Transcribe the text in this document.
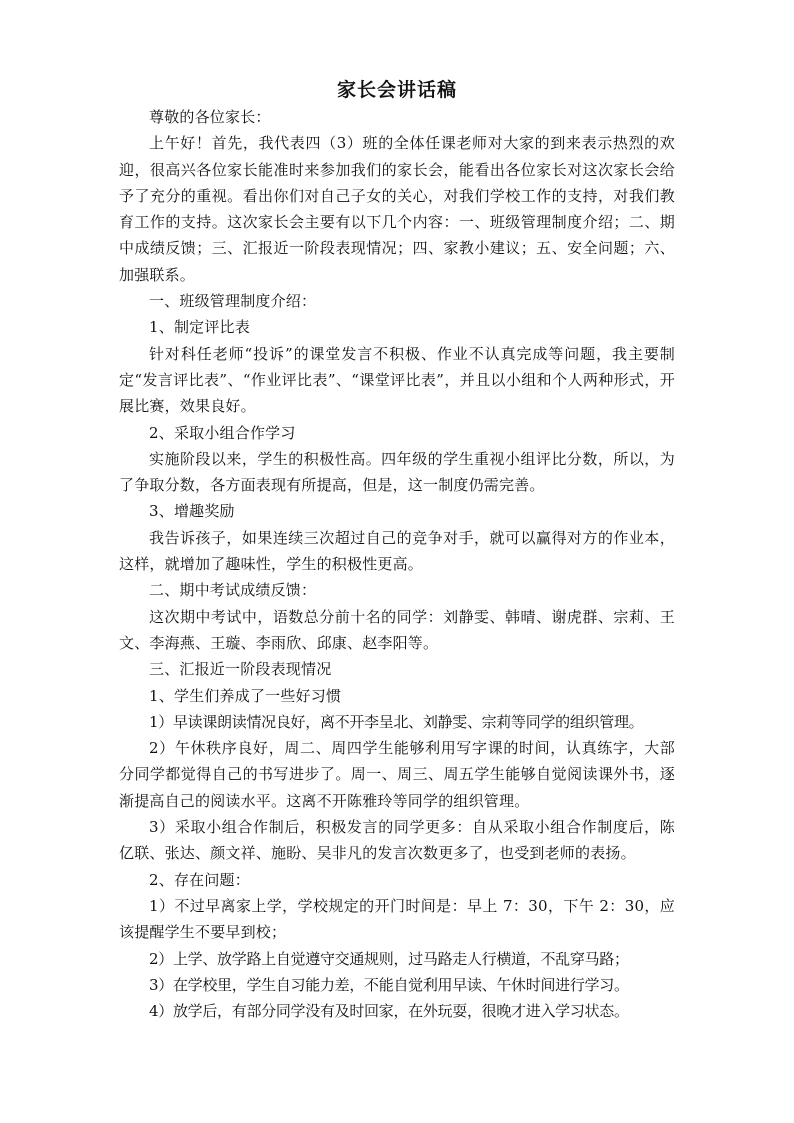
家长会讲话稿

尊敬的各位家长：

上午好！首先，我代表四（3）班的全体任课老师对大家的到来表示热烈的欢迎，很高兴各位家长能准时来参加我们的家长会，能看出各位家长对这次家长会给予了充分的重视。看出你们对自己子女的关心，对我们学校工作的支持，对我们教育工作的支持。这次家长会主要有以下几个内容：一、班级管理制度介绍；二、期中成绩反馈；三、汇报近一阶段表现情况；四、家教小建议；五、安全问题；六、加强联系。

一、班级管理制度介绍：

1、制定评比表

针对科任老师“投诉”的课堂发言不积极、作业不认真完成等问题，我主要制定“发言评比表”、“作业评比表”、“课堂评比表”，并且以小组和个人两种形式，开展比赛，效果良好。

2、采取小组合作学习

实施阶段以来，学生的积极性高。四年级的学生重视小组评比分数，所以，为了争取分数，各方面表现有所提高，但是，这一制度仍需完善。

3、增趣奖励

我告诉孩子，如果连续三次超过自己的竞争对手，就可以赢得对方的作业本，这样，就增加了趣味性，学生的积极性更高。

二、期中考试成绩反馈：

这次期中考试中，语数总分前十名的同学：刘静雯、韩晴、谢虎群、宗莉、王文、李海燕、王璇、李雨欣、邱康、赵李阳等。

三、汇报近一阶段表现情况

1、学生们养成了一些好习惯

1）早读课朗读情况良好，离不开李呈北、刘静雯、宗莉等同学的组织管理。

2）午休秩序良好，周二、周四学生能够利用写字课的时间，认真练字，大部分同学都觉得自己的书写进步了。周一、周三、周五学生能够自觉阅读课外书，逐渐提高自己的阅读水平。这离不开陈雅玲等同学的组织管理。

3）采取小组合作制后，积极发言的同学更多：自从采取小组合作制度后，陈亿联、张达、颜文祥、施盼、吴非凡的发言次数更多了，也受到老师的表扬。

2、存在问题：

1）不过早离家上学，学校规定的开门时间是：早上 7：30，下午 2：30，应该提醒学生不要早到校；

2）上学、放学路上自觉遵守交通规则，过马路走人行横道，不乱穿马路；

3）在学校里，学生自习能力差，不能自觉利用早读、午休时间进行学习。

4）放学后，有部分同学没有及时回家，在外玩耍，很晚才进入学习状态。
